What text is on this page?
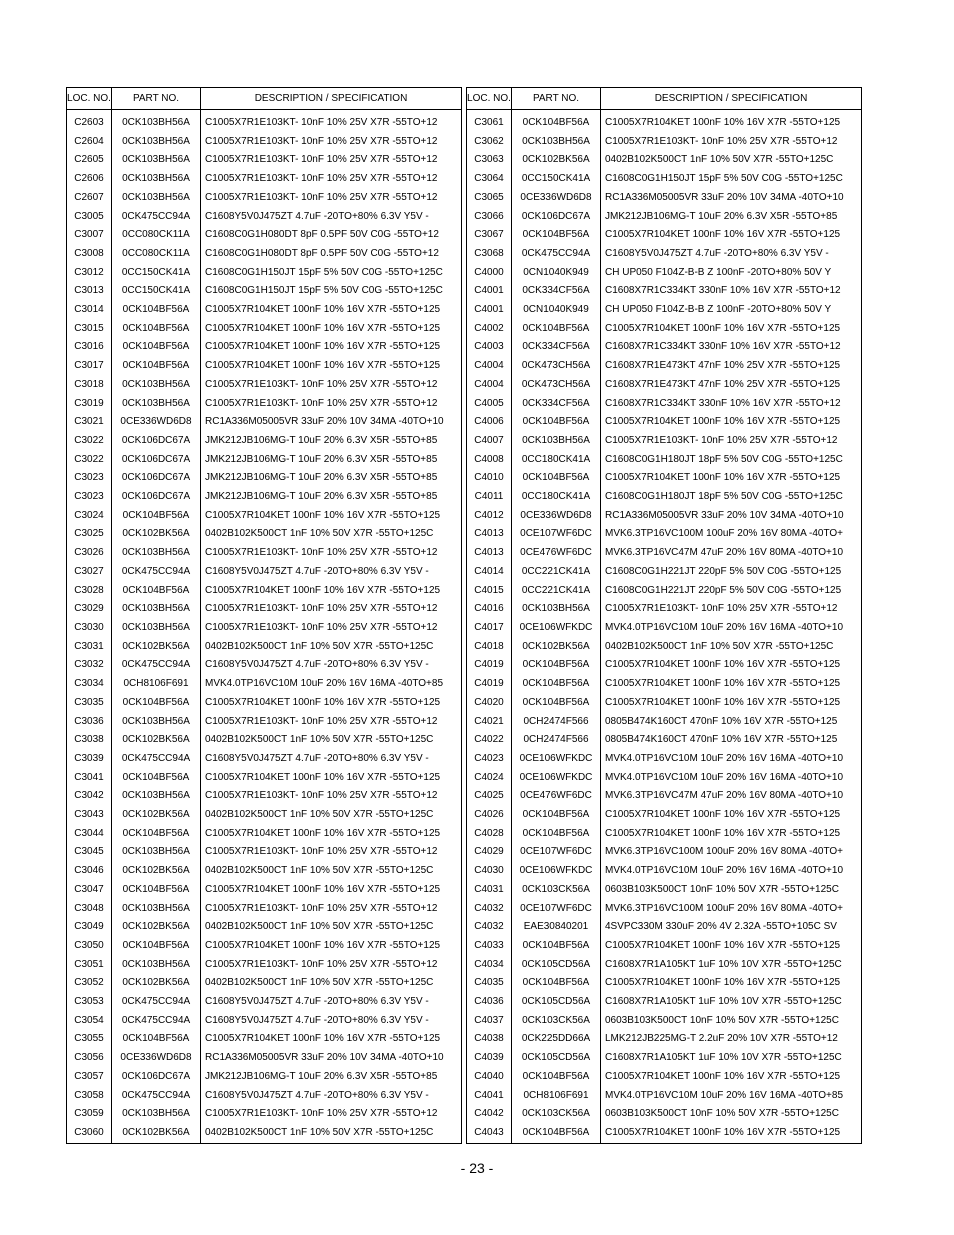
LOC. NO.	PART NO.	DESCRIPTION / SPECIFICATION
C2603	0CK103BH56A	C1005X7R1E103KT- 10nF 10% 25V X7R -55TO+12
C2604	0CK103BH56A	C1005X7R1E103KT- 10nF 10% 25V X7R -55TO+12
C2605	0CK103BH56A	C1005X7R1E103KT- 10nF 10% 25V X7R -55TO+12
C2606	0CK103BH56A	C1005X7R1E103KT- 10nF 10% 25V X7R -55TO+12
C2607	0CK103BH56A	C1005X7R1E103KT- 10nF 10% 25V X7R -55TO+12
C3005	0CK475CC94A	C1608Y5V0J475ZT 4.7uF -20TO+80% 6.3V Y5V -
C3007	0CC080CK11A	C1608C0G1H080DT 8pF 0.5PF 50V C0G -55TO+12
C3008	0CC080CK11A	C1608C0G1H080DT 8pF 0.5PF 50V C0G -55TO+12
C3012	0CC150CK41A	C1608C0G1H150JT 15pF 5% 50V C0G -55TO+125C
C3013	0CC150CK41A	C1608C0G1H150JT 15pF 5% 50V C0G -55TO+125C
C3014	0CK104BF56A	C1005X7R104KET 100nF 10% 16V X7R -55TO+125
C3015	0CK104BF56A	C1005X7R104KET 100nF 10% 16V X7R -55TO+125
C3016	0CK104BF56A	C1005X7R104KET 100nF 10% 16V X7R -55TO+125
C3017	0CK104BF56A	C1005X7R104KET 100nF 10% 16V X7R -55TO+125
C3018	0CK103BH56A	C1005X7R1E103KT- 10nF 10% 25V X7R -55TO+12
C3019	0CK103BH56A	C1005X7R1E103KT- 10nF 10% 25V X7R -55TO+12
C3021	0CE336WD6D8	RC1A336M05005VR 33uF 20% 10V 34MA -40TO+10
C3022	0CK106DC67A	JMK212JB106MG-T 10uF 20% 6.3V X5R -55TO+85
C3022	0CK106DC67A	JMK212JB106MG-T 10uF 20% 6.3V X5R -55TO+85
C3023	0CK106DC67A	JMK212JB106MG-T 10uF 20% 6.3V X5R -55TO+85
C3023	0CK106DC67A	JMK212JB106MG-T 10uF 20% 6.3V X5R -55TO+85
C3024	0CK104BF56A	C1005X7R104KET 100nF 10% 16V X7R -55TO+125
C3025	0CK102BK56A	0402B102K500CT 1nF 10% 50V X7R -55TO+125C
C3026	0CK103BH56A	C1005X7R1E103KT- 10nF 10% 25V X7R -55TO+12
C3027	0CK475CC94A	C1608Y5V0J475ZT 4.7uF -20TO+80% 6.3V Y5V -
C3028	0CK104BF56A	C1005X7R104KET 100nF 10% 16V X7R -55TO+125
C3029	0CK103BH56A	C1005X7R1E103KT- 10nF 10% 25V X7R -55TO+12
C3030	0CK103BH56A	C1005X7R1E103KT- 10nF 10% 25V X7R -55TO+12
C3031	0CK102BK56A	0402B102K500CT 1nF 10% 50V X7R -55TO+125C
C3032	0CK475CC94A	C1608Y5V0J475ZT 4.7uF -20TO+80% 6.3V Y5V -
C3034	0CH8106F691	MVK4.0TP16VC10M 10uF 20% 16V 16MA -40TO+85
C3035	0CK104BF56A	C1005X7R104KET 100nF 10% 16V X7R -55TO+125
C3036	0CK103BH56A	C1005X7R1E103KT- 10nF 10% 25V X7R -55TO+12
C3038	0CK102BK56A	0402B102K500CT 1nF 10% 50V X7R -55TO+125C
C3039	0CK475CC94A	C1608Y5V0J475ZT 4.7uF -20TO+80% 6.3V Y5V -
C3041	0CK104BF56A	C1005X7R104KET 100nF 10% 16V X7R -55TO+125
C3042	0CK103BH56A	C1005X7R1E103KT- 10nF 10% 25V X7R -55TO+12
C3043	0CK102BK56A	0402B102K500CT 1nF 10% 50V X7R -55TO+125C
C3044	0CK104BF56A	C1005X7R104KET 100nF 10% 16V X7R -55TO+125
C3045	0CK103BH56A	C1005X7R1E103KT- 10nF 10% 25V X7R -55TO+12
C3046	0CK102BK56A	0402B102K500CT 1nF 10% 50V X7R -55TO+125C
C3047	0CK104BF56A	C1005X7R104KET 100nF 10% 16V X7R -55TO+125
C3048	0CK103BH56A	C1005X7R1E103KT- 10nF 10% 25V X7R -55TO+12
C3049	0CK102BK56A	0402B102K500CT 1nF 10% 50V X7R -55TO+125C
C3050	0CK104BF56A	C1005X7R104KET 100nF 10% 16V X7R -55TO+125
C3051	0CK103BH56A	C1005X7R1E103KT- 10nF 10% 25V X7R -55TO+12
C3052	0CK102BK56A	0402B102K500CT 1nF 10% 50V X7R -55TO+125C
C3053	0CK475CC94A	C1608Y5V0J475ZT 4.7uF -20TO+80% 6.3V Y5V -
C3054	0CK475CC94A	C1608Y5V0J475ZT 4.7uF -20TO+80% 6.3V Y5V -
C3055	0CK104BF56A	C1005X7R104KET 100nF 10% 16V X7R -55TO+125
C3056	0CE336WD6D8	RC1A336M05005VR 33uF 20% 10V 34MA -40TO+10
C3057	0CK106DC67A	JMK212JB106MG-T 10uF 20% 6.3V X5R -55TO+85
C3058	0CK475CC94A	C1608Y5V0J475ZT 4.7uF -20TO+80% 6.3V Y5V -
C3059	0CK103BH56A	C1005X7R1E103KT- 10nF 10% 25V X7R -55TO+12
C3060	0CK102BK56A	0402B102K500CT 1nF 10% 50V X7R -55TO+125C
LOC. NO.	PART NO.	DESCRIPTION / SPECIFICATION
C3061	0CK104BF56A	C1005X7R104KET 100nF 10% 16V X7R -55TO+125
C3062	0CK103BH56A	C1005X7R1E103KT- 10nF 10% 25V X7R -55TO+12
C3063	0CK102BK56A	0402B102K500CT 1nF 10% 50V X7R -55TO+125C
C3064	0CC150CK41A	C1608C0G1H150JT 15pF 5% 50V C0G -55TO+125C
C3065	0CE336WD6D8	RC1A336M05005VR 33uF 20% 10V 34MA -40TO+10
C3066	0CK106DC67A	JMK212JB106MG-T 10uF 20% 6.3V X5R -55TO+85
C3067	0CK104BF56A	C1005X7R104KET 100nF 10% 16V X7R -55TO+125
C3068	0CK475CC94A	C1608Y5V0J475ZT 4.7uF -20TO+80% 6.3V Y5V -
C4000	0CN1040K949	CH UP050 F104Z-B-B Z 100nF -20TO+80% 50V Y
C4001	0CK334CF56A	C1608X7R1C334KT 330nF 10% 16V X7R -55TO+12
C4001	0CN1040K949	CH UP050 F104Z-B-B Z 100nF -20TO+80% 50V Y
C4002	0CK104BF56A	C1005X7R104KET 100nF 10% 16V X7R -55TO+125
C4003	0CK334CF56A	C1608X7R1C334KT 330nF 10% 16V X7R -55TO+12
C4004	0CK473CH56A	C1608X7R1E473KT 47nF 10% 25V X7R -55TO+125
C4004	0CK473CH56A	C1608X7R1E473KT 47nF 10% 25V X7R -55TO+125
C4005	0CK334CF56A	C1608X7R1C334KT 330nF 10% 16V X7R -55TO+12
C4006	0CK104BF56A	C1005X7R104KET 100nF 10% 16V X7R -55TO+125
C4007	0CK103BH56A	C1005X7R1E103KT- 10nF 10% 25V X7R -55TO+12
C4008	0CC180CK41A	C1608C0G1H180JT 18pF 5% 50V C0G -55TO+125C
C4010	0CK104BF56A	C1005X7R104KET 100nF 10% 16V X7R -55TO+125
C4011	0CC180CK41A	C1608C0G1H180JT 18pF 5% 50V C0G -55TO+125C
C4012	0CE336WD6D8	RC1A336M05005VR 33uF 20% 10V 34MA -40TO+10
C4013	0CE107WF6DC	MVK6.3TP16VC100M 100uF 20% 16V 80MA -40TO+
C4013	0CE476WF6DC	MVK6.3TP16VC47M 47uF 20% 16V 80MA -40TO+10
C4014	0CC221CK41A	C1608C0G1H221JT 220pF 5% 50V C0G -55TO+125
C4015	0CC221CK41A	C1608C0G1H221JT 220pF 5% 50V C0G -55TO+125
C4016	0CK103BH56A	C1005X7R1E103KT- 10nF 10% 25V X7R -55TO+12
C4017	0CE106WFKDC	MVK4.0TP16VC10M 10uF 20% 16V 16MA -40TO+10
C4018	0CK102BK56A	0402B102K500CT 1nF 10% 50V X7R -55TO+125C
C4019	0CK104BF56A	C1005X7R104KET 100nF 10% 16V X7R -55TO+125
C4019	0CK104BF56A	C1005X7R104KET 100nF 10% 16V X7R -55TO+125
C4020	0CK104BF56A	C1005X7R104KET 100nF 10% 16V X7R -55TO+125
C4021	0CH2474F566	0805B474K160CT 470nF 10% 16V X7R -55TO+125
C4022	0CH2474F566	0805B474K160CT 470nF 10% 16V X7R -55TO+125
C4023	0CE106WFKDC	MVK4.0TP16VC10M 10uF 20% 16V 16MA -40TO+10
C4024	0CE106WFKDC	MVK4.0TP16VC10M 10uF 20% 16V 16MA -40TO+10
C4025	0CE476WF6DC	MVK6.3TP16VC47M 47uF 20% 16V 80MA -40TO+10
C4026	0CK104BF56A	C1005X7R104KET 100nF 10% 16V X7R -55TO+125
C4028	0CK104BF56A	C1005X7R104KET 100nF 10% 16V X7R -55TO+125
C4029	0CE107WF6DC	MVK6.3TP16VC100M 100uF 20% 16V 80MA -40TO+
C4030	0CE106WFKDC	MVK4.0TP16VC10M 10uF 20% 16V 16MA -40TO+10
C4031	0CK103CK56A	0603B103K500CT 10nF 10% 50V X7R -55TO+125C
C4032	0CE107WF6DC	MVK6.3TP16VC100M 100uF 20% 16V 80MA -40TO+
C4032	EAE30840201	4SVPC330M 330uF 20% 4V 2.32A -55TO+105C SV
C4033	0CK104BF56A	C1005X7R104KET 100nF 10% 16V X7R -55TO+125
C4034	0CK105CD56A	C1608X7R1A105KT 1uF 10% 10V X7R -55TO+125C
C4035	0CK104BF56A	C1005X7R104KET 100nF 10% 16V X7R -55TO+125
C4036	0CK105CD56A	C1608X7R1A105KT 1uF 10% 10V X7R -55TO+125C
C4037	0CK103CK56A	0603B103K500CT 10nF 10% 50V X7R -55TO+125C
C4038	0CK225DD66A	LMK212JB225MG-T 2.2uF 20% 10V X7R -55TO+12
C4039	0CK105CD56A	C1608X7R1A105KT 1uF 10% 10V X7R -55TO+125C
C4040	0CK104BF56A	C1005X7R104KET 100nF 10% 16V X7R -55TO+125
C4041	0CH8106F691	MVK4.0TP16VC10M 10uF 20% 16V 16MA -40TO+85
C4042	0CK103CK56A	0603B103K500CT 10nF 10% 50V X7R -55TO+125C
C4043	0CK104BF56A	C1005X7R104KET 100nF 10% 16V X7R -55TO+125
- 23 -
